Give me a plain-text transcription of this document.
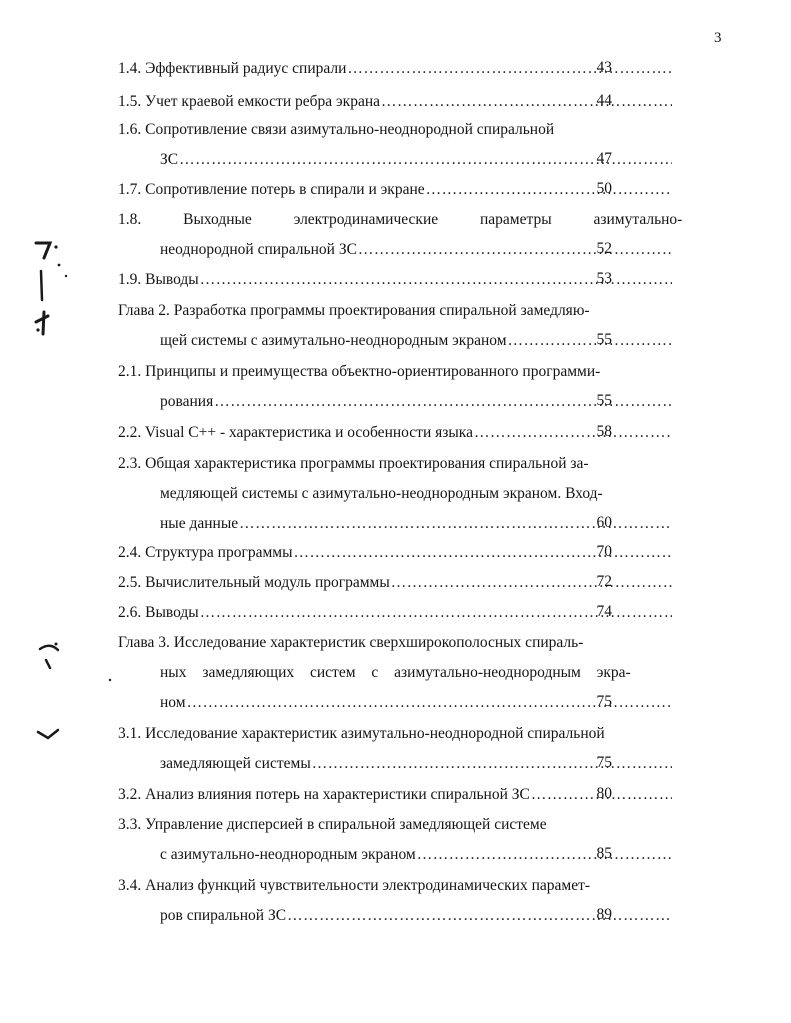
3
1.4. Эффективный радиус спирали ……………………………………………………………………………………………………………………………………………………………………………………………………………………………………………………………	43
1.5. Учет краевой емкости ребра экрана ……………………………………………………………………………………………………………………………………………………………………………………………………………………………………………………………	44
1.6. Сопротивление связи азимутально-неоднородной спиральной
ЗС ……………………………………………………………………………………………………………………………………………………………………………………………………………………………………………………………	47
1.7. Сопротивление потерь в спирали и экране ……………………………………………………………………………………………………………………………………………………………………………………………………………………………………………………………	50
1.8. Выходные электродинамические параметры азимутально-
неоднородной спиральной ЗС ……………………………………………………………………………………………………………………………………………………………………………………………………………………………………………………………	52
1.9. Выводы ……………………………………………………………………………………………………………………………………………………………………………………………………………………………………………………………	53
Глава 2. Разработка программы проектирования спиральной замедляю-
щей системы с азимутально-неоднородным экраном ……………………………………………………………………………………………………………………………………………………………………………………………………………………………………………………………	55
2.1. Принципы и преимущества объектно-ориентированного программи-
рования ……………………………………………………………………………………………………………………………………………………………………………………………………………………………………………………………	55
2.2. Visual C++ - характеристика и особенности языка ……………………………………………………………………………………………………………………………………………………………………………………………………………………………………………………………	58
2.3. Общая характеристика программы проектирования спиральной за-
медляющей системы с азимутально-неоднородным экраном. Вход-
ные данные ……………………………………………………………………………………………………………………………………………………………………………………………………………………………………………………………	60
2.4. Структура программы ……………………………………………………………………………………………………………………………………………………………………………………………………………………………………………………………	70
2.5. Вычислительный модуль программы ……………………………………………………………………………………………………………………………………………………………………………………………………………………………………………………………	72
2.6. Выводы ……………………………………………………………………………………………………………………………………………………………………………………………………………………………………………………………	74
Глава 3. Исследование характеристик сверхширокополосных спираль-
ных замедляющих систем с азимутально-неоднородным экра-
ном ……………………………………………………………………………………………………………………………………………………………………………………………………………………………………………………………	75
3.1. Исследование характеристик азимутально-неоднородной спиральной
замедляющей системы ……………………………………………………………………………………………………………………………………………………………………………………………………………………………………………………………	75
3.2. Анализ влияния потерь на характеристики спиральной ЗС ……………………………………………………………………………………………………………………………………………………………………………………………………………………………………………………………	80
3.3. Управление дисперсией в спиральной замедляющей системе
с азимутально-неоднородным экраном ……………………………………………………………………………………………………………………………………………………………………………………………………………………………………………………………	85
3.4. Анализ функций чувствительности электродинамических парамет-
ров спиральной ЗС ……………………………………………………………………………………………………………………………………………………………………………………………………………………………………………………………	89
